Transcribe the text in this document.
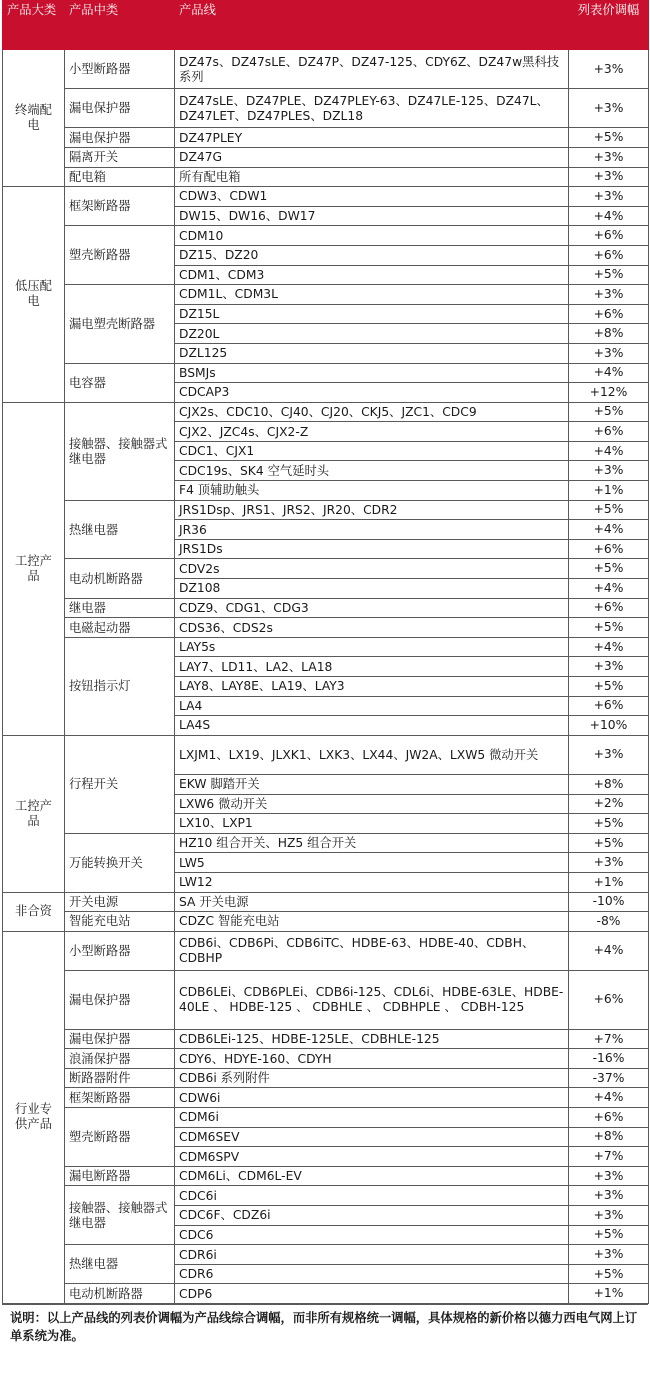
产品大类	产品中类	产品线	列表价调幅
终端配电	小型断路器	DZ47s、DZ47sLE、DZ47P、DZ47-125、CDY6Z、DZ47w黑科技系列	+3%
	漏电保护器	DZ47sLE、DZ47PLE、DZ47PLEY-63、DZ47LE-125、DZ47L、DZ47LET、DZ47PLES、DZL18	+3%
	漏电保护器	DZ47PLEY	+5%
	隔离开关	DZ47G	+3%
	配电箱	所有配电箱	+3%
低压配电	框架断路器	CDW3、CDW1	+3%
		DW15、DW16、DW17	+4%
	塑壳断路器	CDM10	+6%
		DZ15、DZ20	+6%
		CDM1、CDM3	+5%
	漏电塑壳断路器	CDM1L、CDM3L	+3%
		DZ15L	+6%
		DZ20L	+8%
		DZL125	+3%
	电容器	BSMJs	+4%
		CDCAP3	+12%
工控产品	接触器、接触器式继电器	CJX2s、CDC10、CJ40、CJ20、CKJ5、JZC1、CDC9	+5%
		CJX2、JZC4s、CJX2-Z	+6%
		CDC1、CJX1	+4%
		CDC19s、SK4 空气延时头	+3%
		F4 顶辅助触头	+1%
	热继电器	JRS1Dsp、JRS1、JRS2、JR20、CDR2	+5%
		JR36	+4%
		JRS1Ds	+6%
	电动机断路器	CDV2s	+5%
		DZ108	+4%
	继电器	CDZ9、CDG1、CDG3	+6%
	电磁起动器	CDS36、CDS2s	+5%
	按钮指示灯	LAY5s	+4%
		LAY7、LD11、LA2、LA18	+3%
		LAY8、LAY8E、LA19、LAY3	+5%
		LA4	+6%
		LA4S	+10%
工控产品	行程开关	LXJM1、LX19、JLXK1、LXK3、LX44、JW2A、LXW5 微动开关	+3%
		EKW 脚踏开关	+8%
		LXW6 微动开关	+2%
		LX10、LXP1	+5%
	万能转换开关	HZ10 组合开关、HZ5 组合开关	+5%
		LW5	+3%
		LW12	+1%
非合资	开关电源	SA 开关电源	-10%
	智能充电站	CDZC 智能充电站	-8%
行业专供产品	小型断路器	CDB6i、CDB6Pi、CDB6iTC、HDBE-63、HDBE-40、CDBH、CDBHP	+4%
	漏电保护器	CDB6LEi、CDB6PLEi、CDB6i-125、CDL6i、HDBE-63LE、HDBE-40LE 、 HDBE-125 、 CDBHLE 、 CDBHPLE 、 CDBH-125	+6%
	漏电保护器	CDB6LEi-125、HDBE-125LE、CDBHLE-125	+7%
	浪涌保护器	CDY6、HDYE-160、CDYH	-16%
	断路器附件	CDB6i 系列附件	-37%
	框架断路器	CDW6i	+4%
	塑壳断路器	CDM6i	+6%
		CDM6SEV	+8%
		CDM6SPV	+7%
	漏电断路器	CDM6Li、CDM6L-EV	+3%
	接触器、接触器式继电器	CDC6i	+3%
		CDC6F、CDZ6i	+3%
		CDC6	+5%
	热继电器	CDR6i	+3%
		CDR6	+5%
	电动机断路器	CDP6	+1%
说明：以上产品线的列表价调幅为产品线综合调幅，而非所有规格统一调幅，具体规格的新价格以德力西电气网上订单系统为准。
